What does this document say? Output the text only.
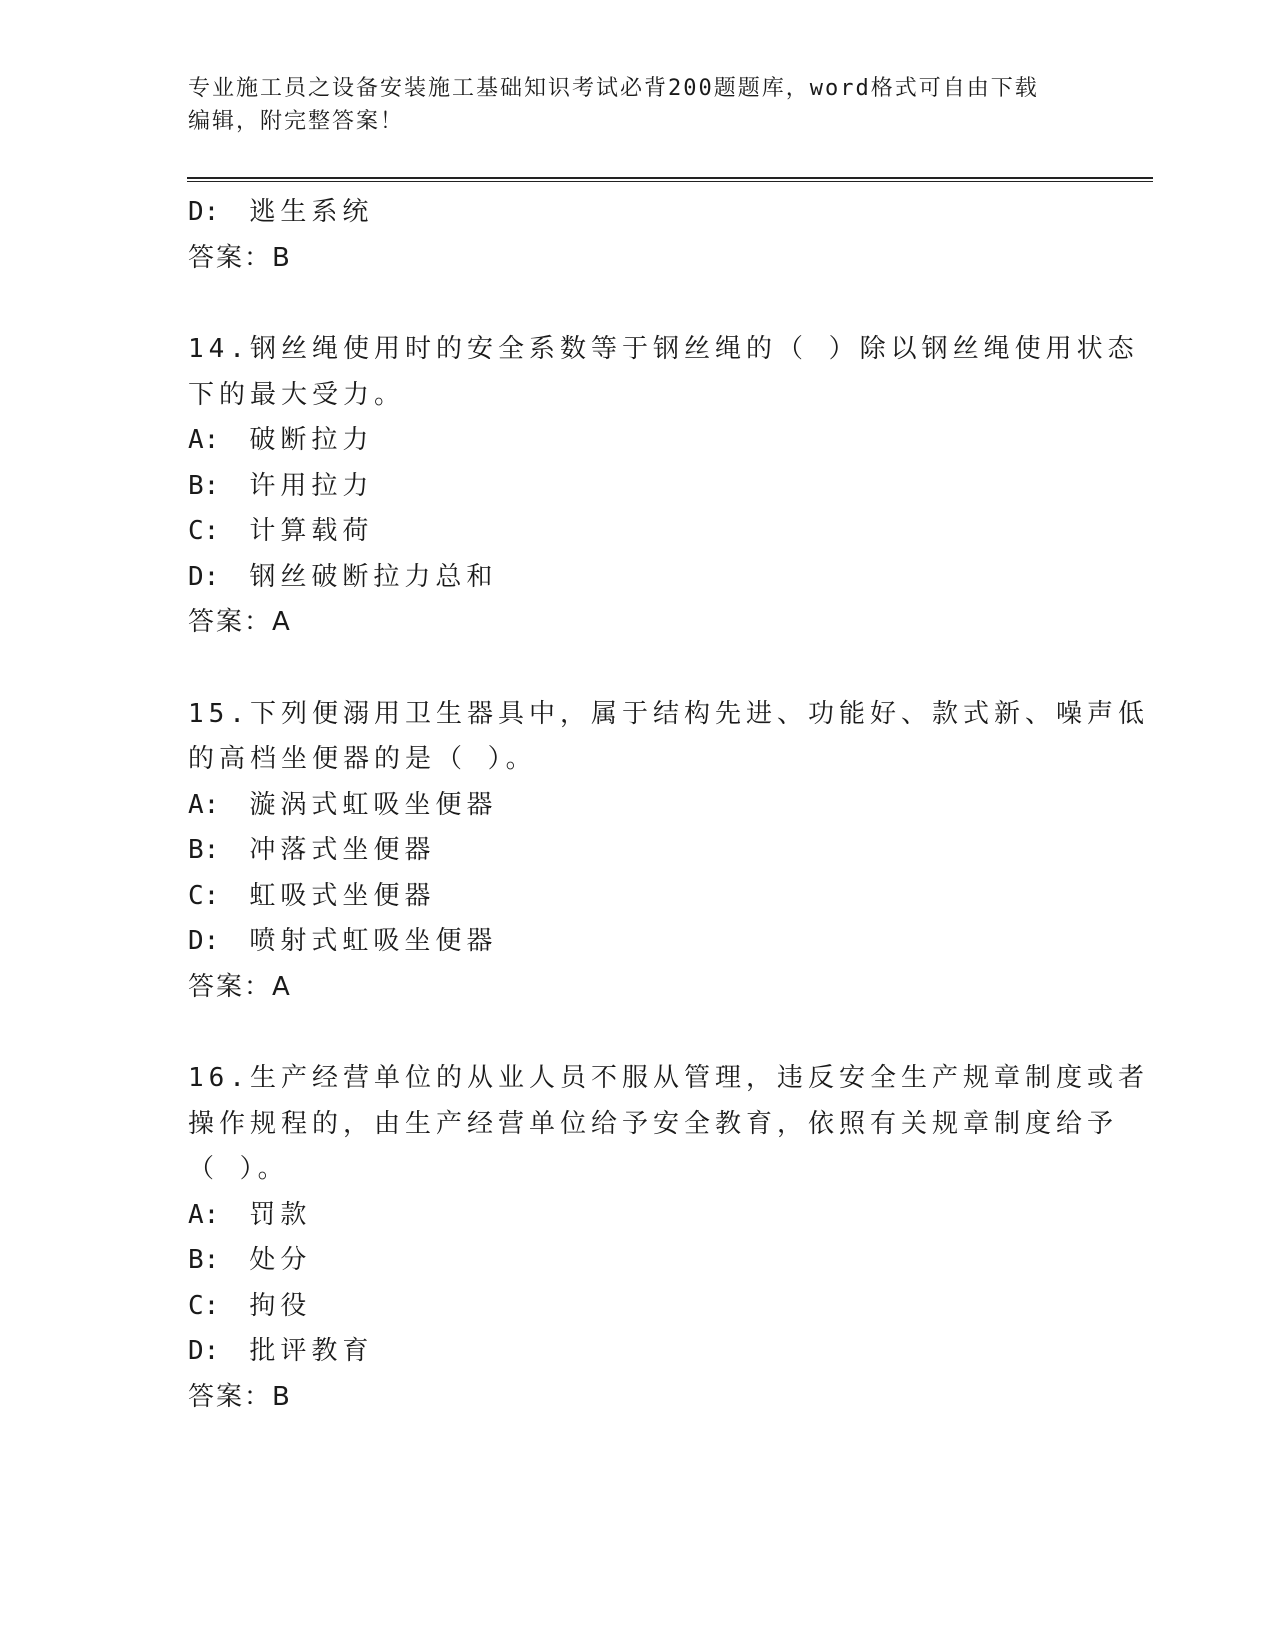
专业施工员之设备安装施工基础知识考试必背200题题库，word格式可自由下载
编辑，附完整答案！
D: 逃生系统
答案：B
14.钢丝绳使用时的安全系数等于钢丝绳的（ ）除以钢丝绳使用状态
下的最大受力。
A: 破断拉力
B: 许用拉力
C: 计算载荷
D: 钢丝破断拉力总和
答案：A
15.下列便溺用卫生器具中，属于结构先进、功能好、款式新、噪声低
的高档坐便器的是（ ）。
A: 漩涡式虹吸坐便器
B: 冲落式坐便器
C: 虹吸式坐便器
D: 喷射式虹吸坐便器
答案：A
16.生产经营单位的从业人员不服从管理，违反安全生产规章制度或者
操作规程的，由生产经营单位给予安全教育，依照有关规章制度给予
（ ）。
A: 罚款
B: 处分
C: 拘役
D: 批评教育
答案：B
